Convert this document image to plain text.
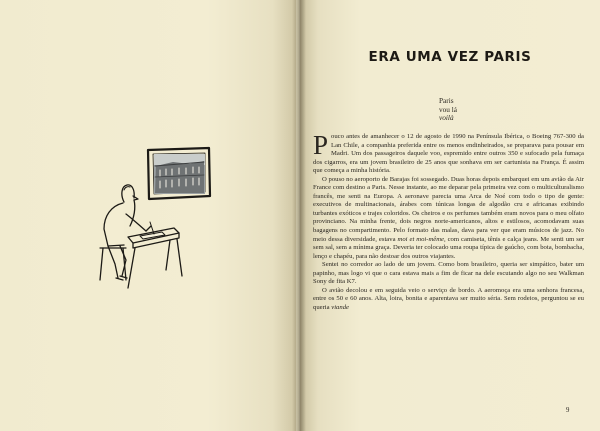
ERA UMA VEZ PARIS
Paris
vou lá
voilà

Pouco antes de amanhecer o 12 de agosto de 1990 na Península Ibérica, o Boeing 767-300 da Lan Chile, a companhia preferida entre os menos endinheirados, se preparava para pousar em Madri. Um dos passageiros daquele voo, espremido entre outros 350 e sufocado pela fumaça dos cigarros, era um jovem brasileiro de 25 anos que sonhava em ser cartunista na França. É assim que começa a minha história.

O pouso no aeroporto de Barajas foi sossegado. Duas horas depois embarquei em um avião da Air France com destino a Paris. Nesse instante, ao me deparar pela primeira vez com o multiculturalismo francês, me senti na Europa. A aeronave parecia uma Arca de Noé com todo o tipo de gente: executivos de multinacionais, árabes com túnicas longas de algodão cru e africanas exibindo turbantes exóticos e trajes coloridos. Os cheiros e os perfumes também eram novos para o meu olfato provinciano. Na minha frente, dois negros norte-americanos, altos e estilosos, acomodavam suas bagagens no compartimento. Pelo formato das malas, dava para ver que eram músicos de jazz. No meio dessa diversidade, estava moi et moi-même, com camiseta, tênis e calça jeans. Me senti um ser sem sal, sem a mínima graça. Deveria ter colocado uma roupa típica de gaúcho, com bota, bombacha, lenço e chapéu, para não destoar dos outros viajantes.

Sentei no corredor ao lado de um jovem. Como bom brasileiro, queria ser simpático, bater um papinho, mas logo vi que o cara estava mais a fim de ficar na dele escutando algo no seu Walkman Sony de fita K7.

O avião decolou e em seguida veio o serviço de bordo. A aeromoça era uma senhora francesa, entre os 50 e 60 anos. Alta, loira, bonita e aparentava ser muito séria. Sem rodeios, perguntou se eu queria viande

9
